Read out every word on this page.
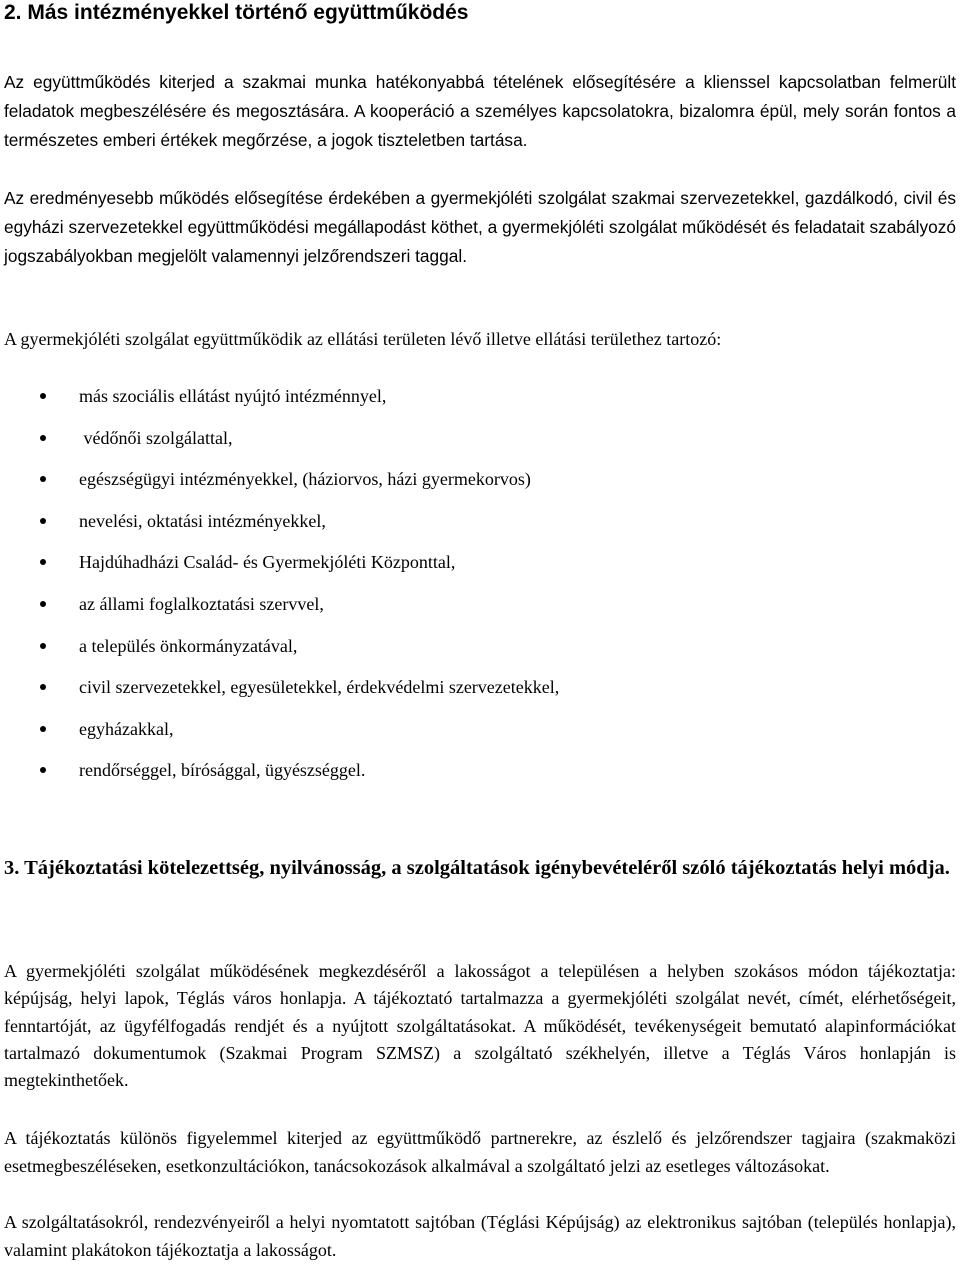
2. Más intézményekkel történő együttműködés

Az együttműködés kiterjed a szakmai munka hatékonyabbá tételének elősegítésére a klienssel kapcsolatban felmerült feladatok megbeszélésére és megosztására. A kooperáció a személyes kapcsolatokra, bizalomra épül, mely során fontos a természetes emberi értékek megőrzése, a jogok tiszteletben tartása.

Az eredményesebb működés elősegítése érdekében a gyermekjóléti szolgálat szakmai szervezetekkel, gazdálkodó, civil és egyházi szervezetekkel együttműködési megállapodást köthet, a gyermekjóléti szolgálat működését és feladatait szabályozó jogszabályokban megjelölt valamennyi jelzőrendszeri taggal.

A gyermekjóléti szolgálat együttműködik az ellátási területen lévő illetve ellátási területhez tartozó:

más szociális ellátást nyújtó intézménnyel,
védőnői szolgálattal,
egészségügyi intézményekkel, (háziorvos, házi gyermekorvos)
nevelési, oktatási intézményekkel,
Hajdúhadházi Család- és Gyermekjóléti Központtal,
az állami foglalkoztatási szervvel,
a település önkormányzatával,
civil szervezetekkel, egyesületekkel, érdekvédelmi szervezetekkel,
egyházakkal,
rendőrséggel, bírósággal, ügyészséggel.
3. Tájékoztatási kötelezettség, nyilvánosság, a szolgáltatások igénybevételéről szóló tájékoztatás helyi módja.

A gyermekjóléti szolgálat működésének megkezdéséről a lakosságot a településen a helyben szokásos módon tájékoztatja: képújság, helyi lapok, Téglás város honlapja. A tájékoztató tartalmazza a gyermekjóléti szolgálat nevét, címét, elérhetőségeit, fenntartóját, az ügyfélfogadás rendjét és a nyújtott szolgáltatásokat. A működését, tevékenységeit bemutató alapinformációkat tartalmazó dokumentumok (Szakmai Program SZMSZ) a szolgáltató székhelyén, illetve a Téglás Város honlapján is megtekinthetőek.

A tájékoztatás különös figyelemmel kiterjed az együttműködő partnerekre, az észlelő és jelzőrendszer tagjaira (szakmaközi esetmegbeszéléseken, esetkonzultációkon, tanácsokozások alkalmával a szolgáltató jelzi az esetleges változásokat.

A szolgáltatásokról, rendezvényeiről a helyi nyomtatott sajtóban (Téglási Képújság) az elektronikus sajtóban (település honlapja), valamint plakátokon tájékoztatja a lakosságot.
